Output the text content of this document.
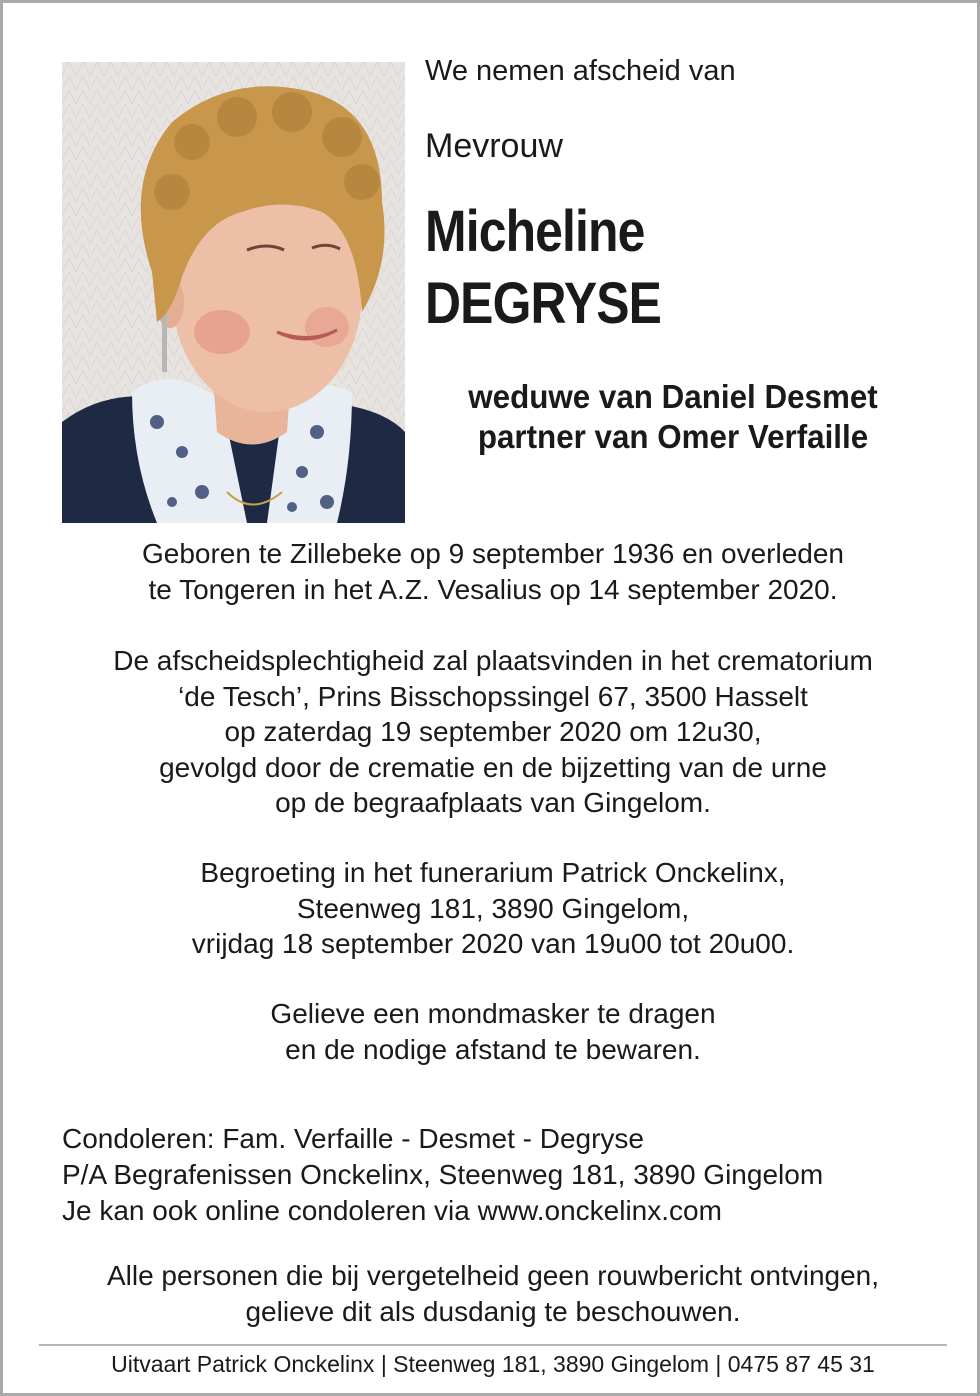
We nemen afscheid van

Mevrouw

Micheline
DEGRYSE
weduwe van Daniel Desmet
partner van Omer Verfaille
Geboren te Zillebeke op 9 september 1936 en overleden
te Tongeren in het A.Z. Vesalius op 14 september 2020.
De afscheidsplechtigheid zal plaatsvinden in het crematorium
‘de Tesch’, Prins Bisschopssingel 67, 3500 Hasselt
op zaterdag 19 september 2020 om 12u30,
gevolgd door de crematie en de bijzetting van de urne
op de begraafplaats van Gingelom.
Begroeting in het funerarium Patrick Onckelinx,
Steenweg 181, 3890 Gingelom,
vrijdag 18 september 2020 van 19u00 tot 20u00.
Gelieve een mondmasker te dragen
en de nodige afstand te bewaren.
Condoleren: Fam. Verfaille - Desmet - Degryse
P/A Begrafenissen Onckelinx, Steenweg 181, 3890 Gingelom
Je kan ook online condoleren via www.onckelinx.com
Alle personen die bij vergetelheid geen rouwbericht ontvingen,
gelieve dit als dusdanig te beschouwen.
Uitvaart Patrick Onckelinx | Steenweg 181, 3890 Gingelom | 0475 87 45 31
